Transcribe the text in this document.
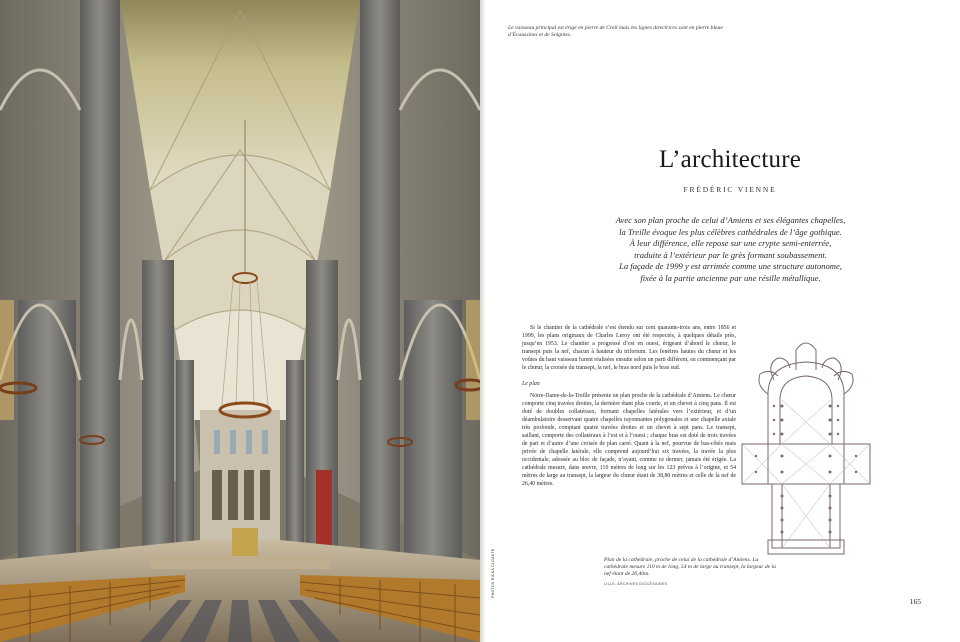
PHOTOS RICKA CLOAKTE
Le vaisseau principal est érigé en pierre de Creil mais les lignes directrices sont en pierre bleue d’Écaussines et de Soignies.
L’architecture
FRÉDÉRIC VIENNE
Avec son plan proche de celui d’Amiens et ses élégantes chapelles,
la Treille évoque les plus célèbres cathédrales de l’âge gothique.
À leur différence, elle repose sur une crypte semi-enterrée,
traduite à l’extérieur par le grès formant soubassement.
La façade de 1999 y est arrimée comme une structure autonome,
fixée à la partie ancienne par une résille métallique.

Si le chantier de la cathédrale s’est étendu sur cent quarante-trois ans, entre 1856 et 1999, les plans originaux de Charles Leroy ont été respectés, à quelques détails près, jusqu’en 1953. Le chantier a progressé d’est en ouest, érigeant d’abord le chœur, le transept puis la nef, chacun à hauteur du triforium. Les fenêtres hautes du chœur et les voûtes du haut vaisseau furent réalisées ensuite selon un parti différent, en commençant par le chœur, la croisée du transept, la nef, le bras nord puis le bras sud.

Le plan

Notre-Dame-de-la-Treille présente un plan proche de la cathédrale d’Amiens. Le chœur comporte cinq travées droites, la dernière étant plus courte, et un chevet à cinq pans. Il est doté de doubles collatéraux, formant chapelles latérales vers l’extérieur, et d’un déambulatoire desservant quatre chapelles rayonnantes polygonales et une chapelle axiale très profonde, comptant quatre travées droites et un chevet à sept pans. Le transept, saillant, comporte des collatéraux à l’est et à l’ouest ; chaque bras est doté de trois travées de part et d’autre d’une croisée de plan carré. Quant à la nef, pourvue de bas-côtés mais privée de chapelle latérale, elle comprend aujourd’hui six travées, la travée la plus occidentale, adossée au bloc de façade, n’ayant, comme ce dernier, jamais été érigée. La cathédrale mesure, dans œuvre, 110 mètres de long sur les 123 prévus à l’origine, et 54 mètres de large au transept, la largeur du chœur étant de 38,80 mètres et celle de la nef de 26,40 mètres.

Plan de la cathédrale, proche de celui de la cathédrale d’Amiens. La cathédrale mesure 110 m de long, 54 m de large au transept, la largeur de la nef étant de 26,40m.
LILLE, ARCHIVES DIOCÉSAINES
165
